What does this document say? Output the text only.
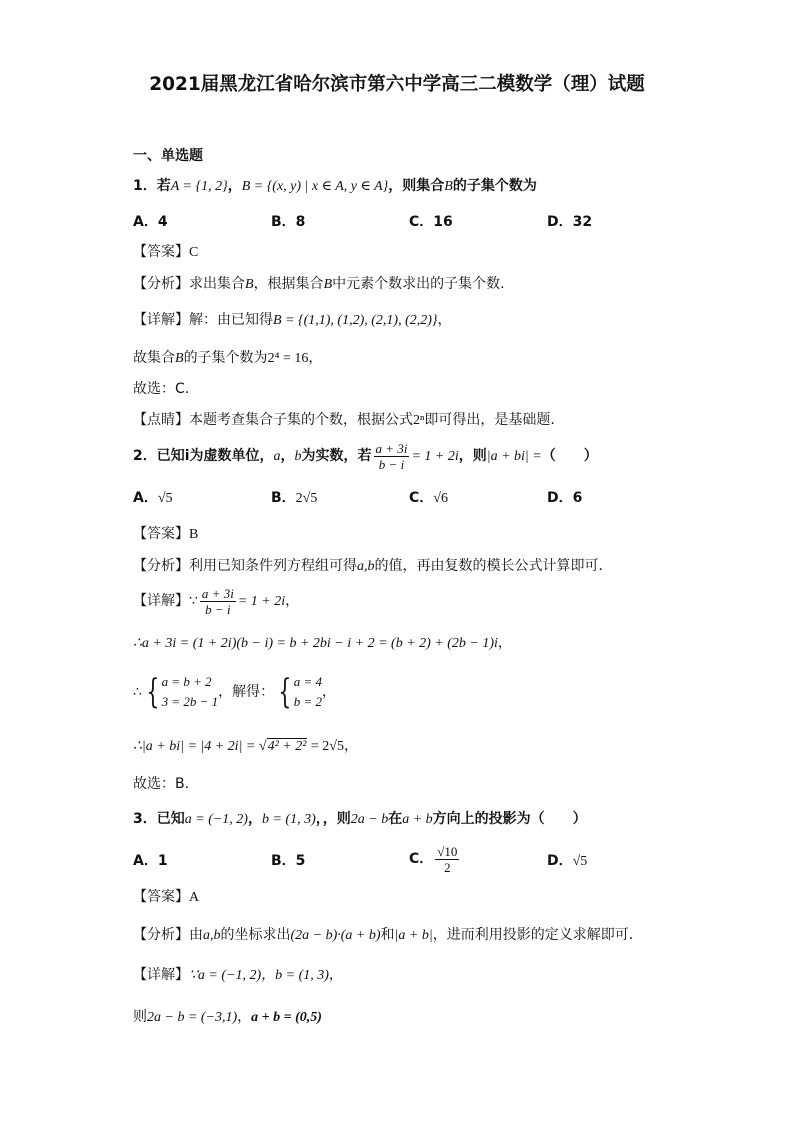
2021届黑龙江省哈尔滨市第六中学高三二模数学（理）试题
一、单选题
1．若A = {1, 2}，B = {(x, y) | x ∈ A, y ∈ A}，则集合B的子集个数为
A．4	B．8	C．16	D．32
【答案】C
【分析】求出集合B，根据集合B中元素个数求出的子集个数.
【详解】解：由已知得B = {(1,1), (1,2), (2,1), (2,2)}，
故集合B的子集个数为2⁴ = 16，
故选：C.
【点睛】本题考查集合子集的个数，根据公式2ⁿ即可得出，是基础题.
2．已知i为虚数单位，a，b为实数，若 $\frac{a + 3i}{b - i} = 1 + 2i$，则|a + bi| =（　　）
A．√5	B．2√5	C．√6	D．6
【答案】B
【分析】利用已知条件列方程组可得a,b的值，再由复数的模长公式计算即可．
【详解】∵ $\frac{a + 3i}{b - i} = 1 + 2i$，
∴a + 3i = (1 + 2i)(b − i) = b + 2bi − i + 2 = (b + 2) + (2b − 1)i，
∴ { a = b + 2
3 = 2b − 1
，解得： { a = 4
b = 2
，
∴|a + bi| = |4 + 2i| = √4² + 2² = 2√5，
故选：B.
3．已知a = (−1, 2)，b = (1, 3)，，则2a − b在a + b方向上的投影为（　　）
A．1	B．5	C． $\frac{√10}{2}$	D．√5
【答案】A
【分析】由a,b的坐标求出(2a − b)·(a + b)和|a + b|，进而利用投影的定义求解即可．
【详解】∵a = (−1, 2)，b = (1, 3)，
则2a − b = (−3,1)，a + b = (0,5)
